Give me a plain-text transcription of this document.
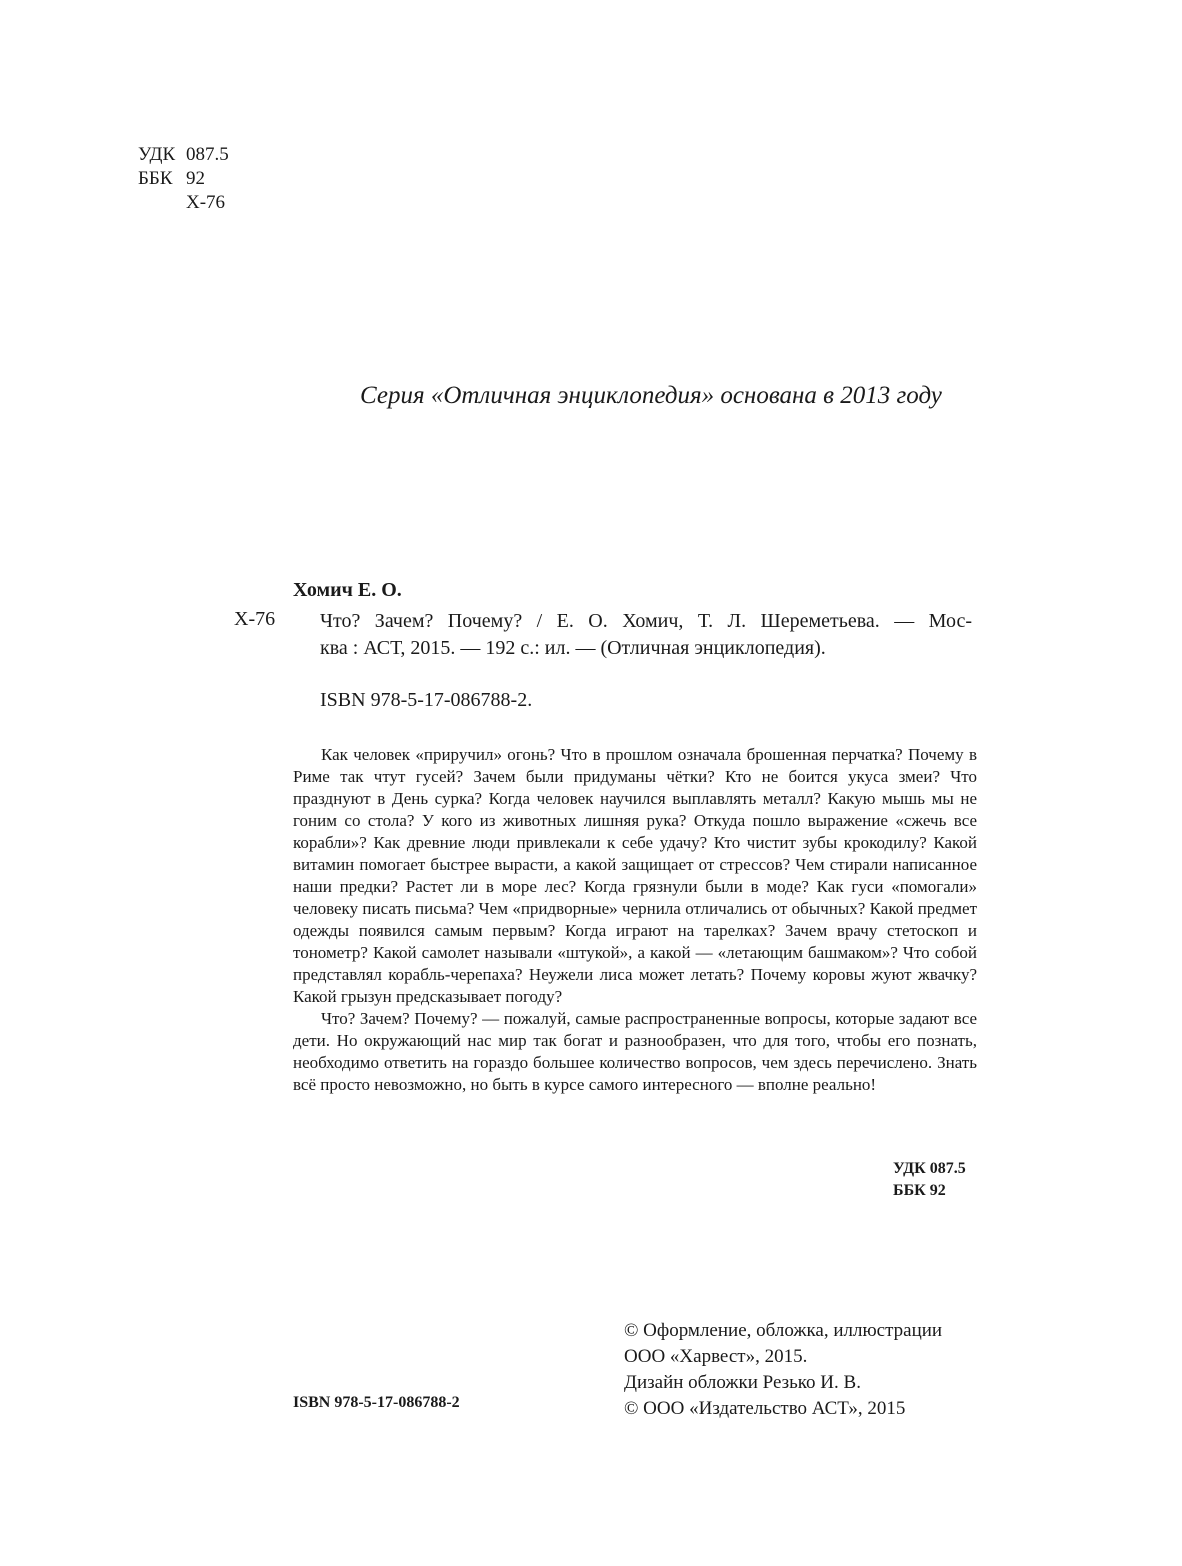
УДК 087.5
ББК 92
Х-76
Серия «Отличная энциклопедия» основана в 2013 году
Хомич Е. О.
Х-76 Что? Зачем? Почему? / Е. О. Хомич, Т. Л. Шереметьева. — Мос-
ква : АСТ, 2015. — 192 с.: ил. — (Отличная энциклопедия).
ISBN 978-5-17-086788-2.

Как человек «приручил» огонь? Что в прошлом означала брошенная перчатка? Почему в Риме так чтут гусей? Зачем были придуманы чётки? Кто не боится укуса змеи? Что празднуют в День сурка? Когда человек научился выплавлять металл? Какую мышь мы не гоним со стола? У кого из животных лишняя рука? Откуда пошло выражение «сжечь все корабли»? Как древние люди привлекали к себе удачу? Кто чистит зубы крокодилу? Какой витамин помогает быстрее вырасти, а какой защищает от стрессов? Чем стирали написанное наши предки? Растет ли в море лес? Когда грязнули были в моде? Как гуси «помогали» человеку писать письма? Чем «придворные» чернила отличались от обычных? Какой предмет одежды появился самым первым? Когда играют на тарелках? Зачем врачу стетоскоп и тонометр? Какой самолет называли «штукой», а какой — «летающим башмаком»? Что собой представлял корабль-черепаха? Неужели лиса может летать? Почему коровы жуют жвачку? Какой грызун предсказывает погоду?

Что? Зачем? Почему? — пожалуй, самые распространенные вопросы, которые задают все дети. Но окружающий нас мир так богат и разнообразен, что для того, чтобы его познать, необходимо ответить на гораздо большее количество вопросов, чем здесь перечислено. Знать всё просто невозможно, но быть в курсе самого интересного — вполне реально!

УДК 087.5
ББК 92
© Оформление, обложка, иллюстрации
ООО «Харвест», 2015.
Дизайн обложки Резько И. В.
© ООО «Издательство АСТ», 2015
ISBN 978-5-17-086788-2
